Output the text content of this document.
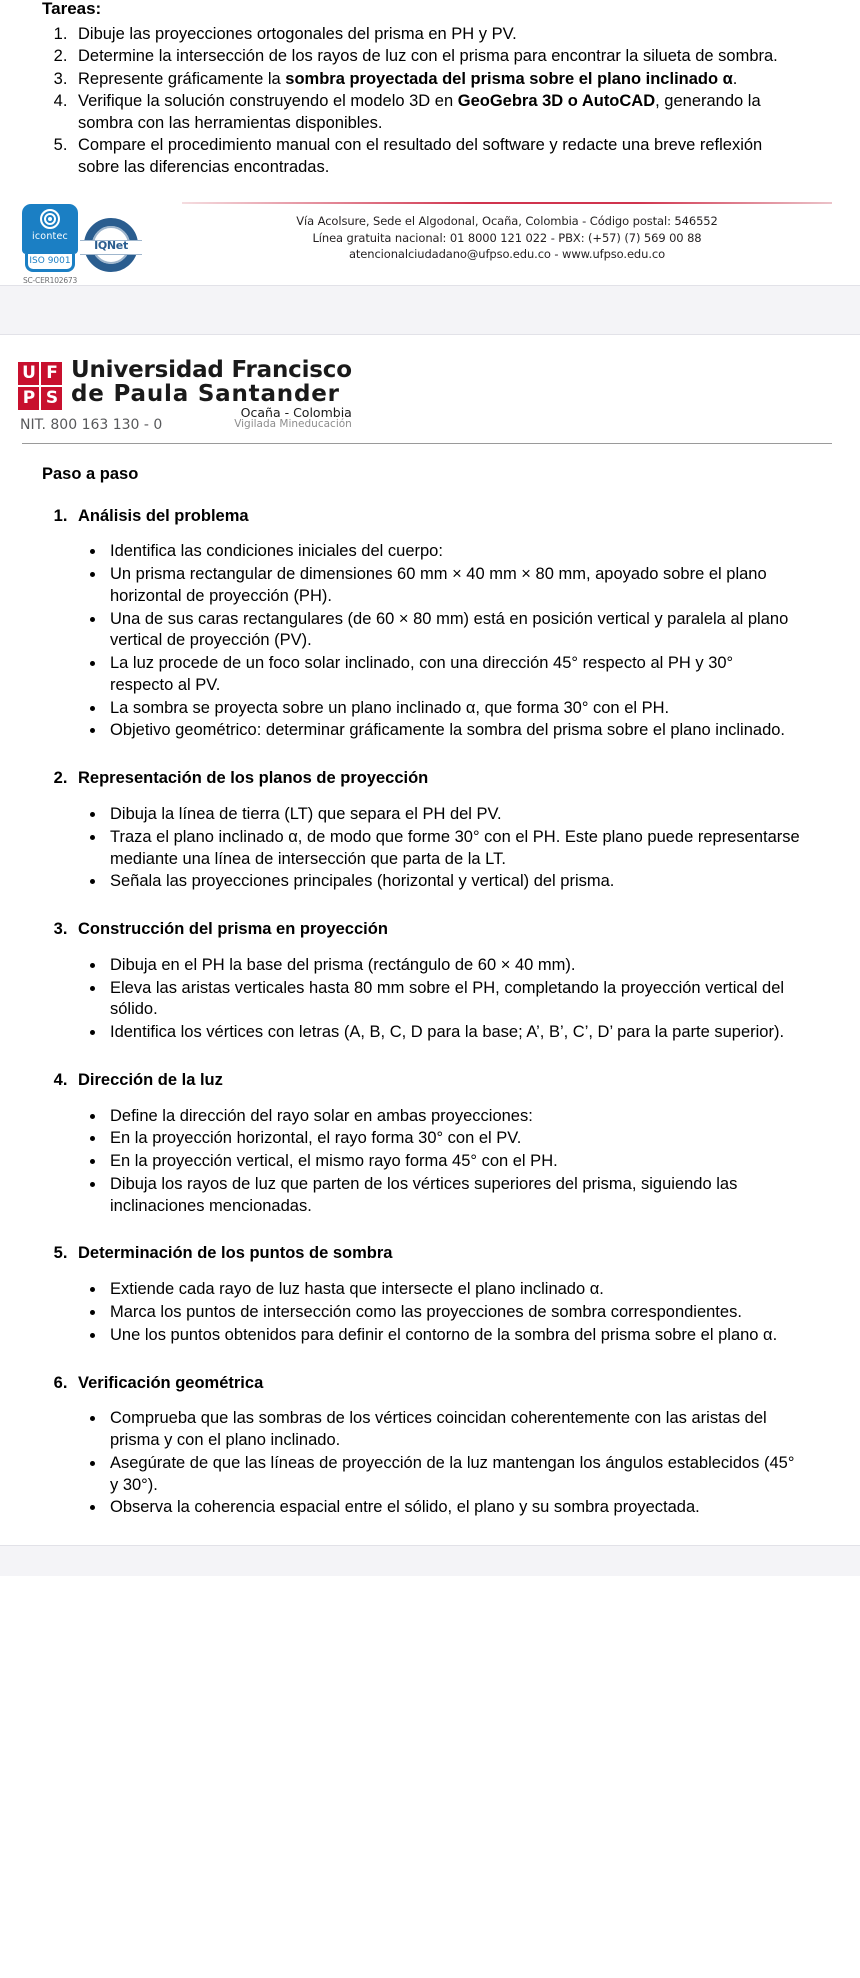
Tareas:
1. Dibuje las proyecciones ortogonales del prisma en PH y PV.
2. Determine la intersección de los rayos de luz con el prisma para encontrar la silueta de sombra.
3. Represente gráficamente la sombra proyectada del prisma sobre el plano inclinado α.
4. Verifique la solución construyendo el modelo 3D en GeoGebra 3D o AutoCAD, generando la sombra con las herramientas disponibles.
5. Compare el procedimiento manual con el resultado del software y redacte una breve reflexión sobre las diferencias encontradas.
icontec
ISO 9001
SC-CER102673
IQNet
Vía Acolsure, Sede el Algodonal, Ocaña, Colombia - Código postal: 546552
Línea gratuita nacional: 01 8000 121 022 - PBX: (+57) (7) 569 00 88
atencionalciudadano@ufpso.edu.co - www.ufpso.edu.co
U F
P S
Universidad Francisco
de Paula Santander
Ocaña - Colombia
Vigilada Mineducación
NIT. 800 163 130 - 0
Paso a paso
1. Análisis del problema
• Identifica las condiciones iniciales del cuerpo:
• Un prisma rectangular de dimensiones 60 mm × 40 mm × 80 mm, apoyado sobre el plano horizontal de proyección (PH).
• Una de sus caras rectangulares (de 60 × 80 mm) está en posición vertical y paralela al plano vertical de proyección (PV).
• La luz procede de un foco solar inclinado, con una dirección 45° respecto al PH y 30° respecto al PV.
• La sombra se proyecta sobre un plano inclinado α, que forma 30° con el PH.
• Objetivo geométrico: determinar gráficamente la sombra del prisma sobre el plano inclinado.
2. Representación de los planos de proyección
• Dibuja la línea de tierra (LT) que separa el PH del PV.
• Traza el plano inclinado α, de modo que forme 30° con el PH. Este plano puede representarse mediante una línea de intersección que parta de la LT.
• Señala las proyecciones principales (horizontal y vertical) del prisma.
3. Construcción del prisma en proyección
• Dibuja en el PH la base del prisma (rectángulo de 60 × 40 mm).
• Eleva las aristas verticales hasta 80 mm sobre el PH, completando la proyección vertical del sólido.
• Identifica los vértices con letras (A, B, C, D para la base; A’, B’, C’, D’ para la parte superior).
4. Dirección de la luz
• Define la dirección del rayo solar en ambas proyecciones:
• En la proyección horizontal, el rayo forma 30° con el PV.
• En la proyección vertical, el mismo rayo forma 45° con el PH.
• Dibuja los rayos de luz que parten de los vértices superiores del prisma, siguiendo las inclinaciones mencionadas.
5. Determinación de los puntos de sombra
• Extiende cada rayo de luz hasta que intersecte el plano inclinado α.
• Marca los puntos de intersección como las proyecciones de sombra correspondientes.
• Une los puntos obtenidos para definir el contorno de la sombra del prisma sobre el plano α.
6. Verificación geométrica
• Comprueba que las sombras de los vértices coincidan coherentemente con las aristas del prisma y con el plano inclinado.
• Asegúrate de que las líneas de proyección de la luz mantengan los ángulos establecidos (45° y 30°).
• Observa la coherencia espacial entre el sólido, el plano y su sombra proyectada.
